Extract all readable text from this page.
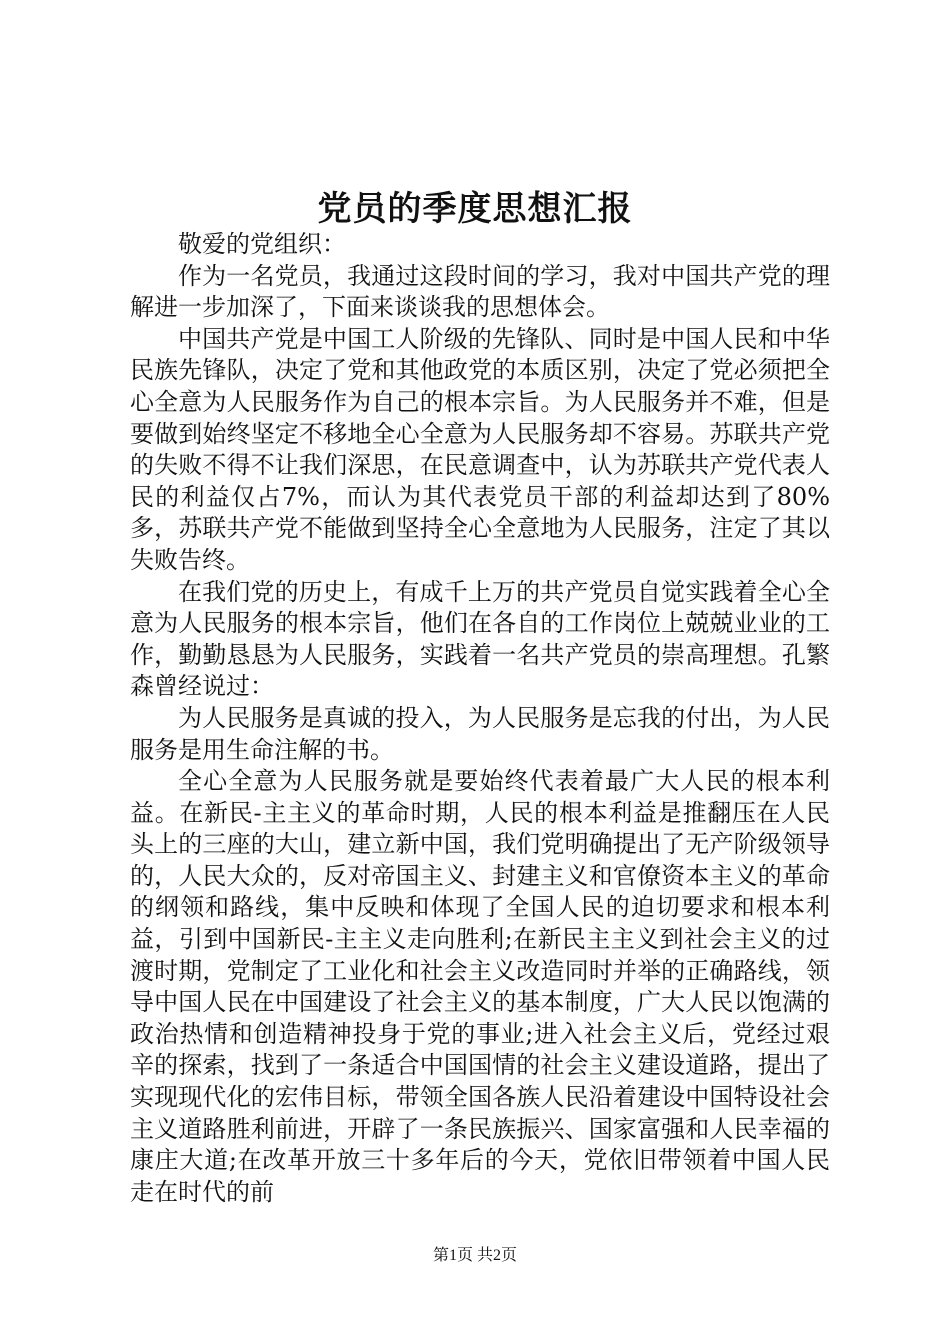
党员的季度思想汇报

敬爱的党组织：

作为一名党员，我通过这段时间的学习，我对中国共产党的理解进一步加深了，下面来谈谈我的思想体会。

中国共产党是中国工人阶级的先锋队、同时是中国人民和中华民族先锋队，决定了党和其他政党的本质区别，决定了党必须把全心全意为人民服务作为自己的根本宗旨。为人民服务并不难，但是要做到始终坚定不移地全心全意为人民服务却不容易。苏联共产党的失败不得不让我们深思，在民意调查中，认为苏联共产党代表人民的利益仅占7%，而认为其代表党员干部的利益却达到了80%多，苏联共产党不能做到坚持全心全意地为人民服务，注定了其以失败告终。

在我们党的历史上，有成千上万的共产党员自觉实践着全心全意为人民服务的根本宗旨，他们在各自的工作岗位上兢兢业业的工作，勤勤恳恳为人民服务，实践着一名共产党员的崇高理想。孔繁森曾经说过：

为人民服务是真诚的投入，为人民服务是忘我的付出，为人民服务是用生命注解的书。

全心全意为人民服务就是要始终代表着最广大人民的根本利益。在新民-主主义的革命时期，人民的根本利益是推翻压在人民头上的三座的大山，建立新中国，我们党明确提出了无产阶级领导的，人民大众的，反对帝国主义、封建主义和官僚资本主义的革命的纲领和路线，集中反映和体现了全国人民的迫切要求和根本利益，引到中国新民-主主义走向胜利;在新民主主义到社会主义的过渡时期，党制定了工业化和社会主义改造同时并举的正确路线，领导中国人民在中国建设了社会主义的基本制度，广大人民以饱满的政治热情和创造精神投身于党的事业;进入社会主义后，党经过艰辛的探索，找到了一条适合中国国情的社会主义建设道路，提出了实现现代化的宏伟目标，带领全国各族人民沿着建设中国特设社会主义道路胜利前进，开辟了一条民族振兴、国家富强和人民幸福的康庄大道;在改革开放三十多年后的今天，党依旧带领着中国人民走在时代的前

第1页 共2页
